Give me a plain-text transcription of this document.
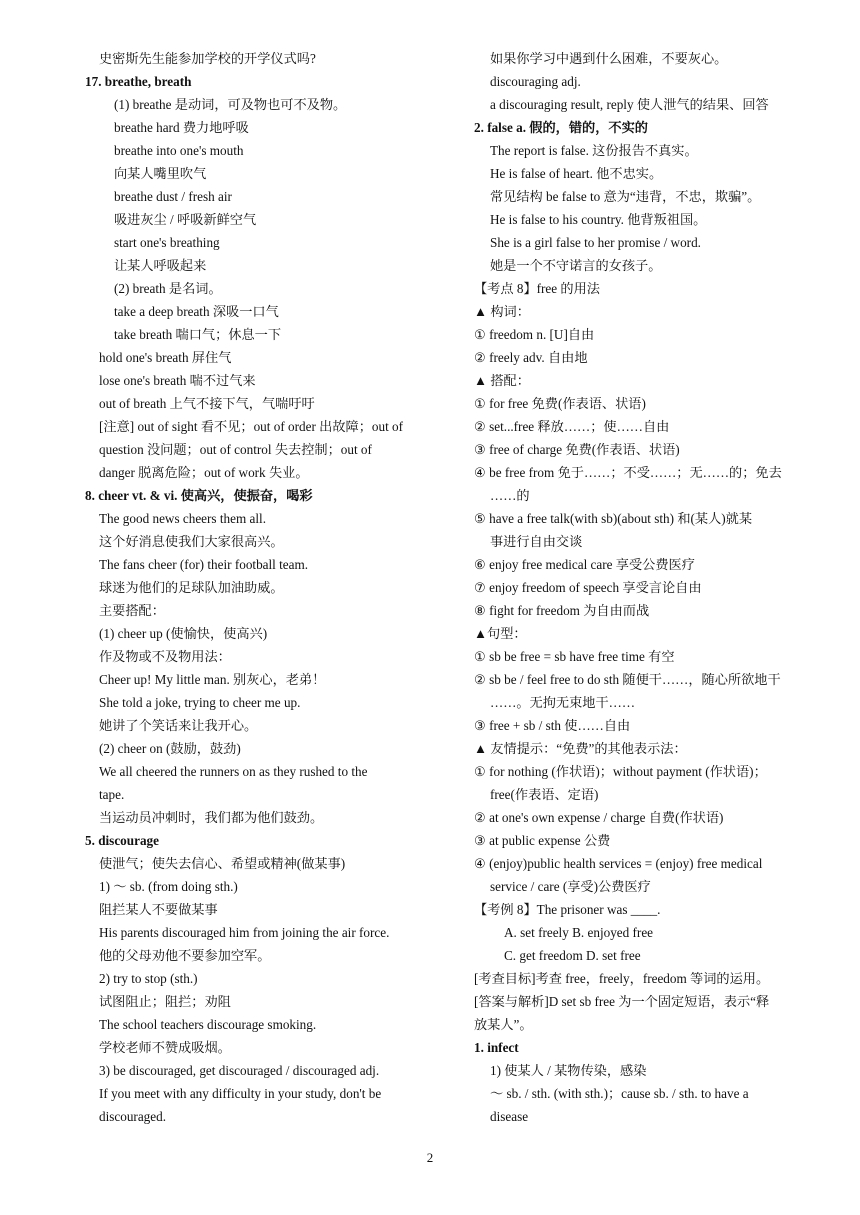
史密斯先生能参加学校的开学仪式吗?
17. breathe, breath
(1) breathe 是动词，可及物也可不及物。
breathe hard 费力地呼吸
breathe into one's mouth
向某人嘴里吹气
breathe dust / fresh air
吸进灰尘 / 呼吸新鲜空气
start one's breathing
让某人呼吸起来
(2) breath 是名词。
take a deep breath 深吸一口气
take breath 喘口气；休息一下
hold one's breath 屏住气
lose one's breath 喘不过气来
out of breath 上气不接下气，气喘吁吁
[注意] out of sight 看不见；out of order 出故障；out of
question 没问题；out of control 失去控制；out of
danger 脱离危险；out of work 失业。
8. cheer vt. & vi. 使高兴，使振奋，喝彩
The good news cheers them all.
这个好消息使我们大家很高兴。
The fans cheer (for) their football team.
球迷为他们的足球队加油助威。
主要搭配：
(1) cheer up (使愉快，使高兴)
作及物或不及物用法：
Cheer up! My little man. 别灰心，老弟！
She told a joke, trying to cheer me up.
她讲了个笑话来让我开心。
(2) cheer on (鼓励，鼓劲)
We all cheered the runners on as they rushed to the
tape.
当运动员冲刺时，我们都为他们鼓劲。
5. discourage
使泄气；使失去信心、希望或精神(做某事)
1) ～ sb. (from doing sth.)
阻拦某人不要做某事
His parents discouraged him from joining the air force.
他的父母劝他不要参加空军。
2) try to stop (sth.)
试图阻止；阻拦；劝阻
The school teachers discourage smoking.
学校老师不赞成吸烟。
3) be discouraged, get discouraged / discouraged adj.
If you meet with any difficulty in your study, don't be
discouraged.
如果你学习中遇到什么困难，不要灰心。
discouraging adj.
a discouraging result, reply 使人泄气的结果、回答
2. false a. 假的，错的，不实的
The report is false. 这份报告不真实。
He is false of heart. 他不忠实。
常见结构 be false to 意为“违背，不忠，欺骗”。
He is false to his country. 他背叛祖国。
She is a girl false to her promise / word.
她是一个不守诺言的女孩子。
【考点 8】free 的用法
▲ 构词：
① freedom n. [U]自由
② freely adv. 自由地
▲ 搭配：
① for free 免费(作表语、状语)
② set...free 释放……；使……自由
③ free of charge 免费(作表语、状语)
④ be free from 免于……；不受……；无……的；免去
……的
⑤ have a free talk(with sb)(about sth) 和(某人)就某
事进行自由交谈
⑥ enjoy free medical care 享受公费医疗
⑦ enjoy freedom of speech 享受言论自由
⑧ fight for freedom 为自由而战
▲句型：
① sb be free = sb have free time 有空
② sb be / feel free to do sth 随便干……，随心所欲地干
……。无拘无束地干……
③ free + sb / sth 使……自由
▲ 友情提示：“免费”的其他表示法：
① for nothing (作状语)；without payment (作状语)；
free(作表语、定语)
② at one's own expense / charge 自费(作状语)
③ at public expense 公费
④ (enjoy)public health services = (enjoy) free medical
service / care (享受)公费医疗
【考例 8】The prisoner was ____.
A. set freely B. enjoyed free
C. get freedom D. set free
[考查目标]考查 free，freely，freedom 等词的运用。
[答案与解析]D set sb free 为一个固定短语，表示“释
放某人”。
1. infect
1) 使某人 / 某物传染，感染
～ sb. / sth. (with sth.)；cause sb. / sth. to have a
disease
2
